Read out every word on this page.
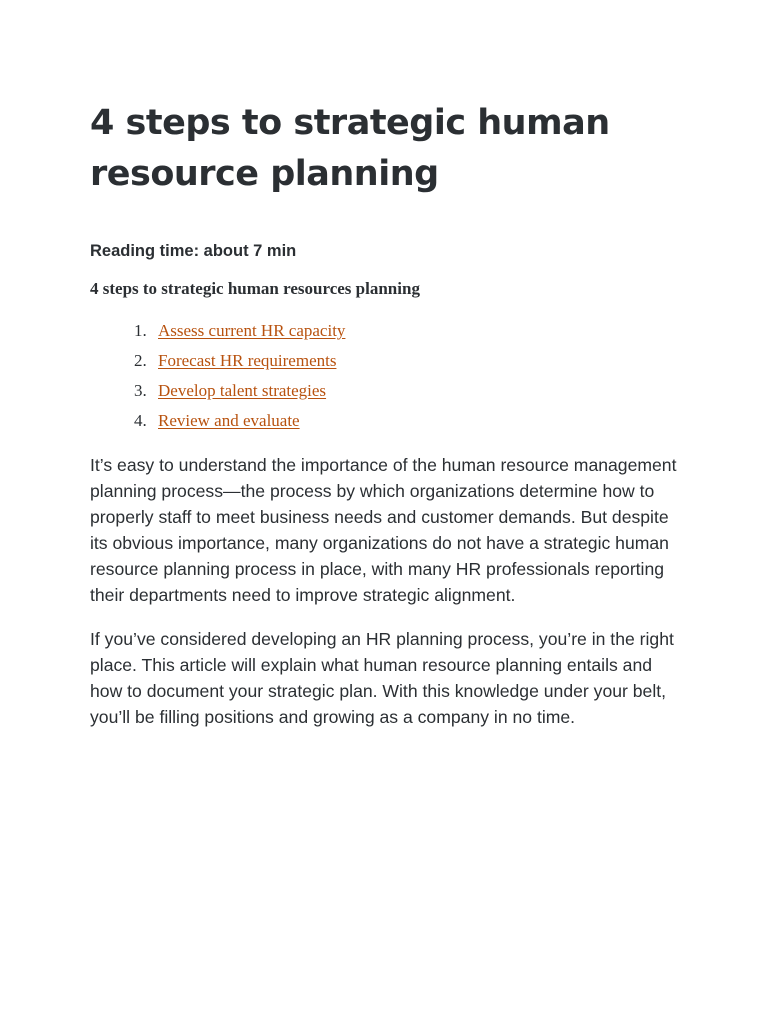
4 steps to strategic human resource planning
Reading time: about 7 min
4 steps to strategic human resources planning
1. Assess current HR capacity
2. Forecast HR requirements
3. Develop talent strategies
4. Review and evaluate

It’s easy to understand the importance of the human resource management planning process—the process by which organizations determine how to properly staff to meet business needs and customer demands. But despite its obvious importance, many organizations do not have a strategic human resource planning process in place, with many HR professionals reporting their departments need to improve strategic alignment.

If you’ve considered developing an HR planning process, you’re in the right place. This article will explain what human resource planning entails and how to document your strategic plan. With this knowledge under your belt, you’ll be filling positions and growing as a company in no time.
